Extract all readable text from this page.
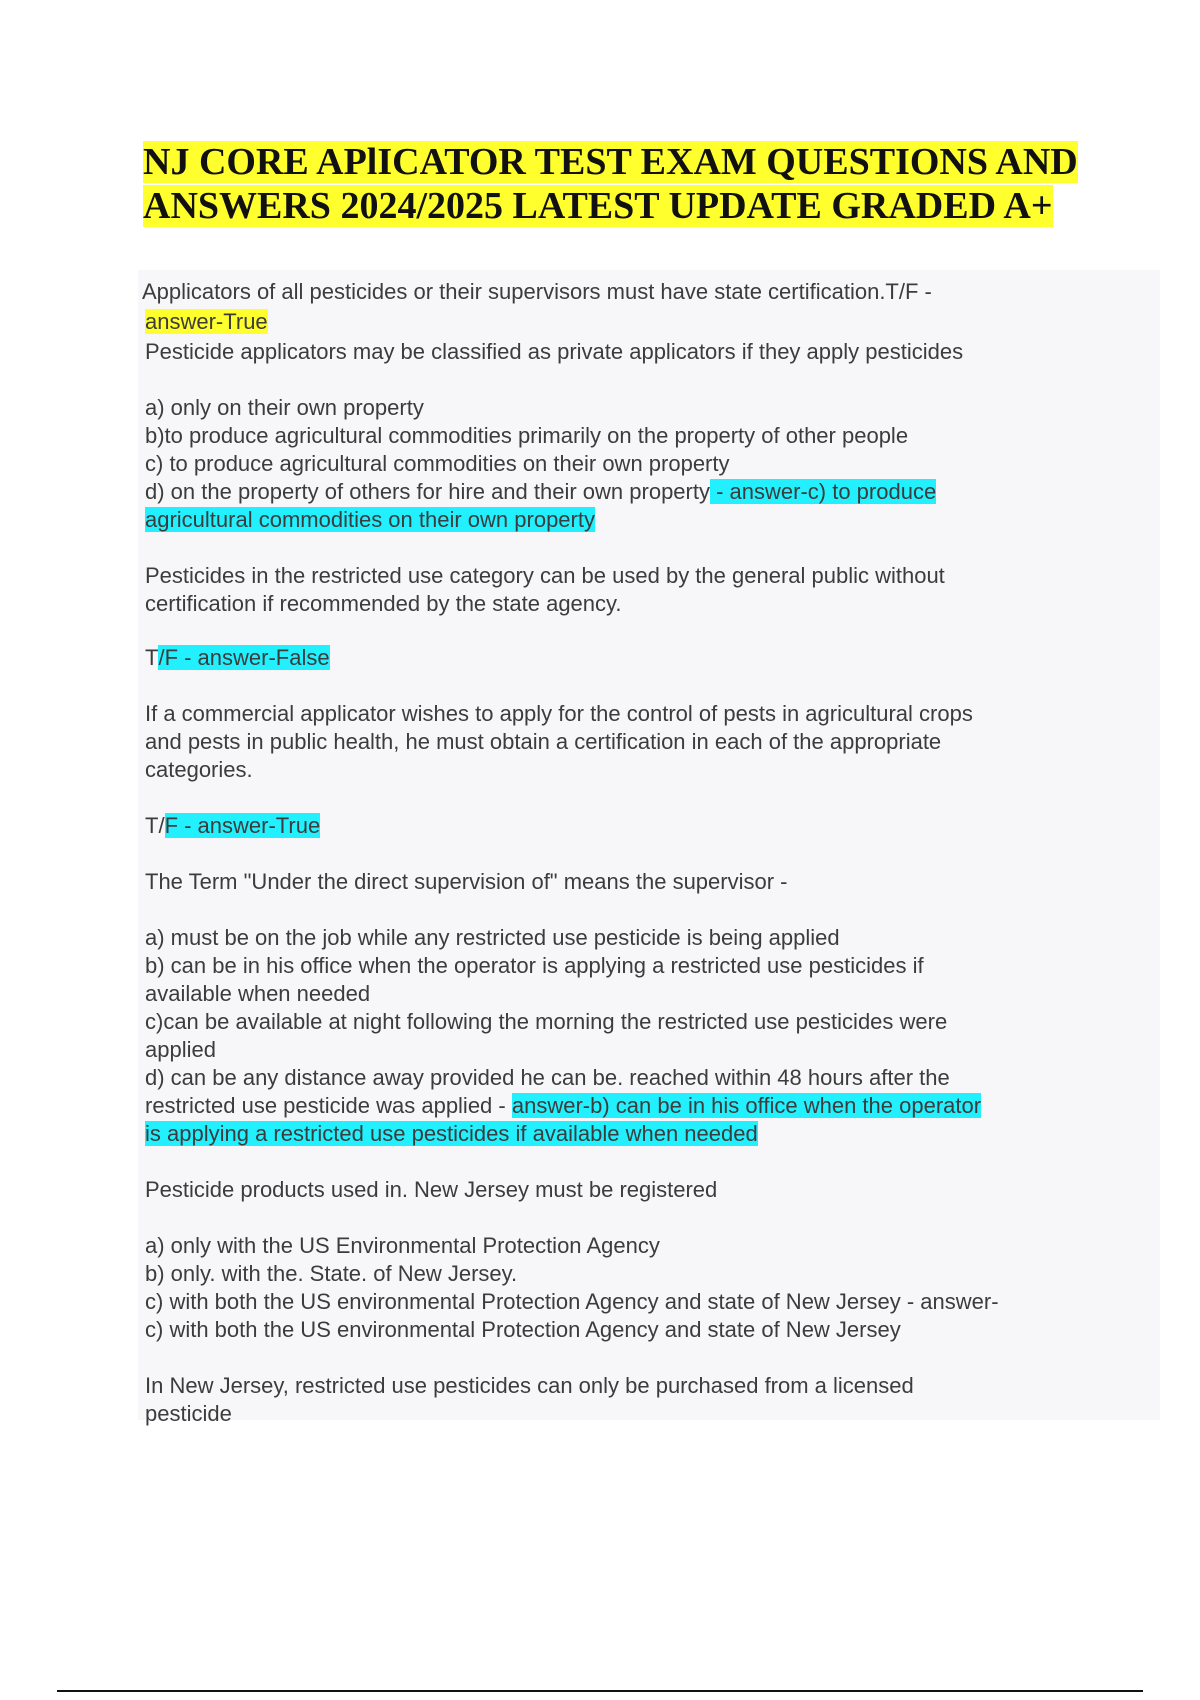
NJ CORE APlICATOR TEST EXAM QUESTIONS AND
ANSWERS 2024/2025 LATEST UPDATE GRADED A+

Applicators of all pesticides or their supervisors must have state certification.T/F -

answer-True

Pesticide applicators may be classified as private applicators if they apply pesticides

a) only on their own property

b)to produce agricultural commodities primarily on the property of other people

c) to produce agricultural commodities on their own property

d) on the property of others for hire and their own property - answer-c) to produce

agricultural commodities on their own property

Pesticides in the restricted use category can be used by the general public without

certification if recommended by the state agency.

T/F - answer-False

If a commercial applicator wishes to apply for the control of pests in agricultural crops

and pests in public health, he must obtain a certification in each of the appropriate

categories.

T/F - answer-True

The Term "Under the direct supervision of" means the supervisor -

a) must be on the job while any restricted use pesticide is being applied

b) can be in his office when the operator is applying a restricted use pesticides if

available when needed

c)can be available at night following the morning the restricted use pesticides were

applied

d) can be any distance away provided he can be. reached within 48 hours after the

restricted use pesticide was applied - answer-b) can be in his office when the operator

is applying a restricted use pesticides if available when needed

Pesticide products used in. New Jersey must be registered

a) only with the US Environmental Protection Agency

b) only. with the. State. of New Jersey.

c) with both the US environmental Protection Agency and state of New Jersey - answer-

c) with both the US environmental Protection Agency and state of New Jersey

In New Jersey, restricted use pesticides can only be purchased from a licensed

pesticide
